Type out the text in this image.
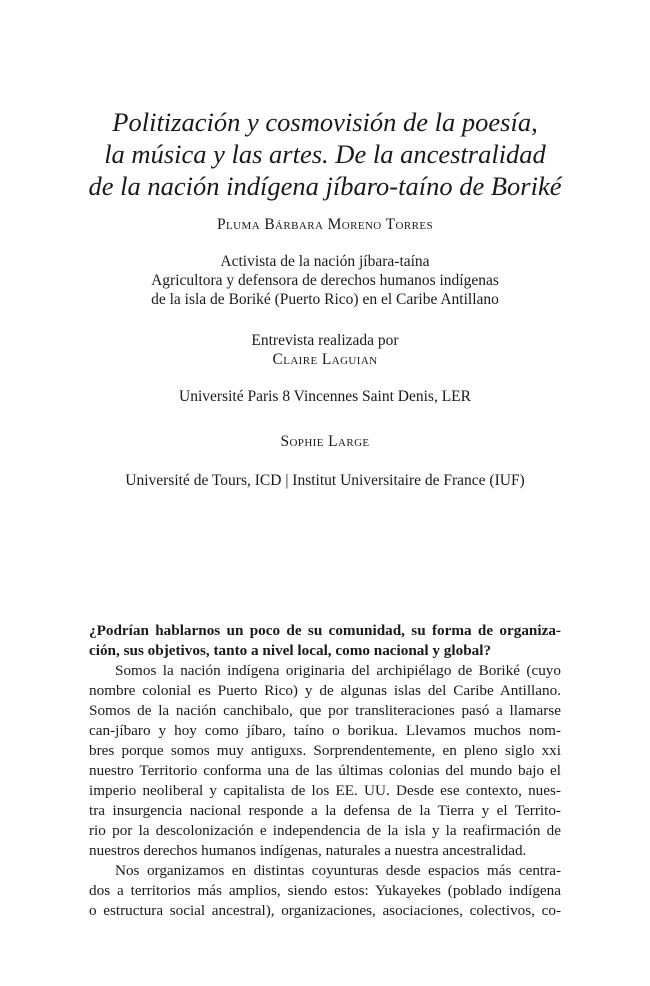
Politización y cosmovisión de la poesía,
la música y las artes. De la ancestralidad
de la nación indígena jíbaro-taíno de Boriké
Pluma Bárbara Moreno Torres
Activista de la nación jíbara-taína
Agricultora y defensora de derechos humanos indígenas
de la isla de Boriké (Puerto Rico) en el Caribe Antillano
Entrevista realizada por
Claire Laguian
Université Paris 8 Vincennes Saint Denis, LER
Sophie Large
Université de Tours, ICD | Institut Universitaire de France (IUF)
¿Podrían hablarnos un poco de su comunidad, su forma de organiza-
ción, sus objetivos, tanto a nivel local, como nacional y global?
Somos la nación indígena originaria del archipiélago de Boriké (cuyo
nombre colonial es Puerto Rico) y de algunas islas del Caribe Antillano.
Somos de la nación canchibalo, que por transliteraciones pasó a llamarse
can-jíbaro y hoy como jíbaro, taíno o borikua. Llevamos muchos nom-
bres porque somos muy antiguxs. Sorprendentemente, en pleno siglo xxi
nuestro Territorio conforma una de las últimas colonias del mundo bajo el
imperio neoliberal y capitalista de los EE. UU. Desde ese contexto, nues-
tra insurgencia nacional responde a la defensa de la Tierra y el Territo-
rio por la descolonización e independencia de la isla y la reafirmación de
nuestros derechos humanos indígenas, naturales a nuestra ancestralidad.
Nos organizamos en distintas coyunturas desde espacios más centra-
dos a territorios más amplios, siendo estos: Yukayekes (poblado indígena
o estructura social ancestral), organizaciones, asociaciones, colectivos, co-
